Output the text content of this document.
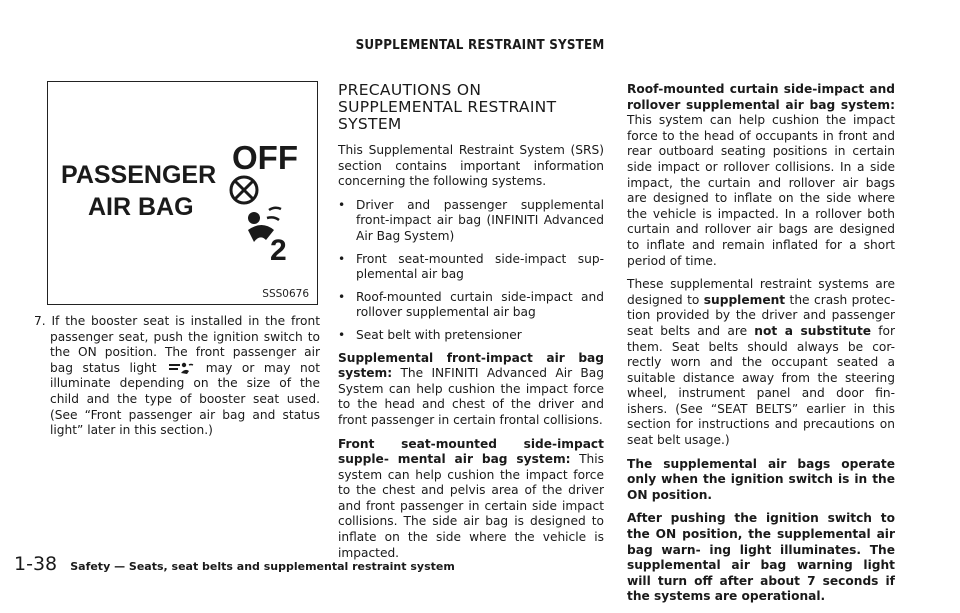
SUPPLEMENTAL RESTRAINT SYSTEM
PASSENGER
AIR BAG
OFF
2
SSS0676

7. If the booster seat is installed in the front passenger seat, push the ignition switch to the ON position. The front passenger air bag status light	may or may not illuminate depending on the size of the child and the type of booster seat used. (See “Front passenger air bag and status light” later in this section.)

PRECAUTIONS ON SUPPLEMENTAL RESTRAINT SYSTEM

This Supplemental Restraint System (SRS) section contains important information concerning the following systems.

• Driver and passenger supplemental front-impact air bag (INFINITI Advanced Air Bag System)
• Front seat-mounted side-impact sup- plemental air bag
• Roof-mounted curtain side-impact and rollover supplemental air bag
• Seat belt with pretensioner

Supplemental front-impact air bag system: The INFINITI Advanced Air Bag System can help cushion the impact force to the head and chest of the driver and front passenger in certain frontal collisions.

Front seat-mounted side-impact supple- mental air bag system: This system can help cushion the impact force to the chest and pelvis area of the driver and front passenger in certain side impact collisions. The side air bag is designed to inflate on the side where the vehicle is impacted.

Roof-mounted curtain side-impact and rollover supplemental air bag system: This system can help cushion the impact force to the head of occupants in front and rear outboard seating positions in certain side impact or rollover collisions. In a side impact, the curtain and rollover air bags are designed to inflate on the side where the vehicle is impacted. In a rollover both curtain and rollover air bags are designed to inflate and remain inflated for a short period of time.

These supplemental restraint systems are designed to supplement the crash protec- tion provided by the driver and passenger seat belts and are not a substitute for them. Seat belts should always be cor- rectly worn and the occupant seated a suitable distance away from the steering wheel, instrument panel and door fin- ishers. (See “SEAT BELTS” earlier in this section for instructions and precautions on seat belt usage.)

The supplemental air bags operate only when the ignition switch is in the ON position.

After pushing the ignition switch to the ON position, the supplemental air bag warn- ing light illuminates. The supplemental air bag warning light will turn off after about 7 seconds if the systems are operational.

1-38 Safety — Seats, seat belts and supplemental restraint system
